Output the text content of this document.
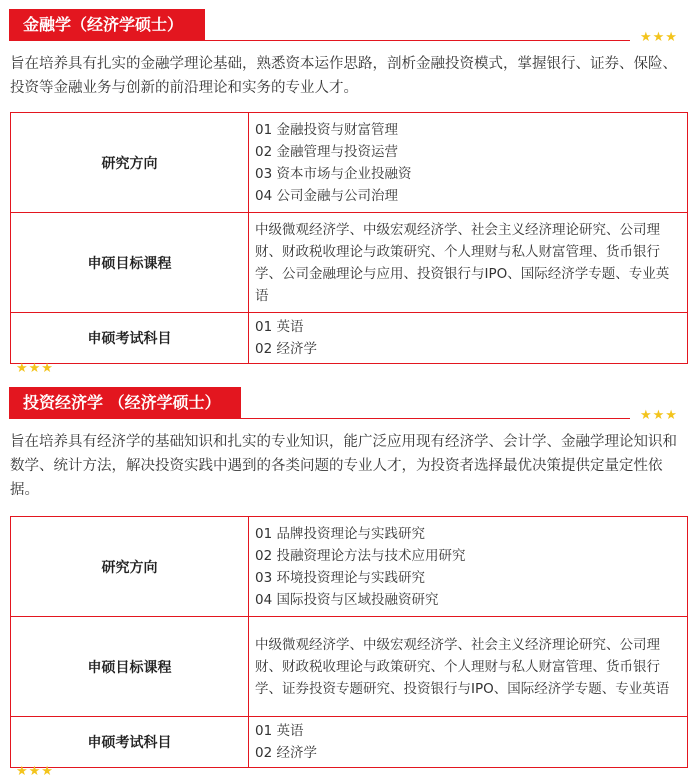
金融学（经济学硕士）
★★★

旨在培养具有扎实的金融学理论基础，熟悉资本运作思路，剖析金融投资模式，掌握银行、证券、保险、投资等金融业务与创新的前沿理论和实务的专业人才。

研究方向	01 金融投资与财富管理
02 金融管理与投资运营
03 资本市场与企业投融资
04 公司金融与公司治理

申硕目标课程	中级微观经济学、中级宏观经济学、社会主义经济理论研究、公司理财、财政税收理论与政策研究、个人理财与私人财富管理、货币银行学、公司金融理论与应用、投资银行与IPO、国际经济学专题、专业英语
申硕考试科目	01 英语
02 经济学
★★★
投资经济学 （经济学硕士）
★★★

旨在培养具有经济学的基础知识和扎实的专业知识，能广泛应用现有经济学、会计学、金融学理论知识和数学、统计方法，解决投资实践中遇到的各类问题的专业人才，为投资者选择最优决策提供定量定性依据。

研究方向	01 品牌投资理论与实践研究
02 投融资理论方法与技术应用研究
03 环境投资理论与实践研究
04 国际投资与区域投融资研究

申硕目标课程	中级微观经济学、中级宏观经济学、社会主义经济理论研究、公司理财、财政税收理论与政策研究、个人理财与私人财富管理、货币银行学、证券投资专题研究、投资银行与IPO、国际经济学专题、专业英语
申硕考试科目	01 英语
02 经济学
★★★
